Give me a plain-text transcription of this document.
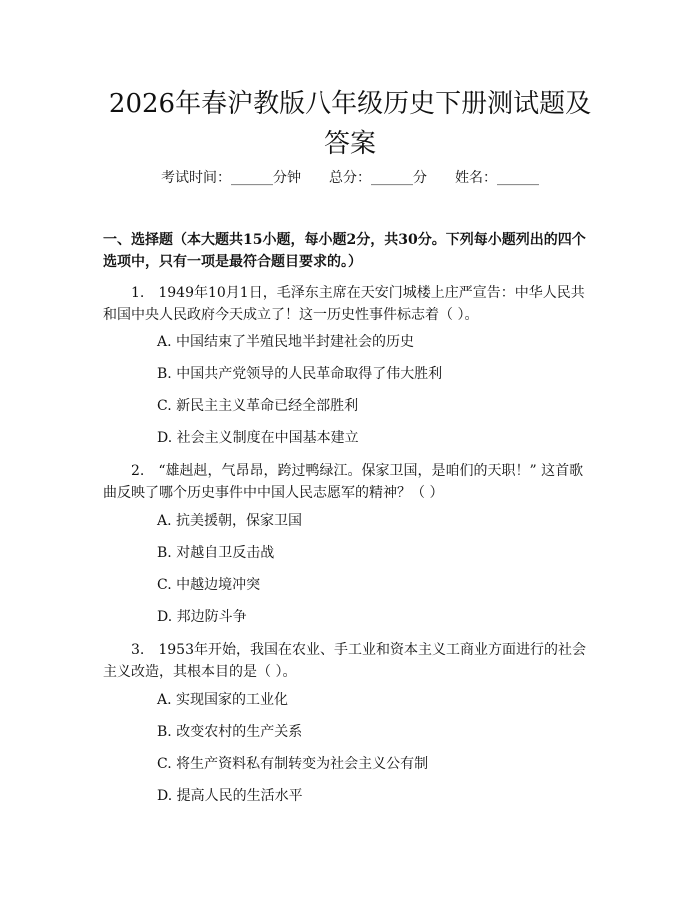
2026年春沪教版八年级历史下册测试题及答案
考试时间：______分钟 总分：______分 姓名：______

一、选择题（本大题共15小题，每小题2分，共30分。下列每小题列出的四个选项中，只有一项是最符合题目要求的。）

1.　1949年10月1日，毛泽东主席在天安门城楼上庄严宣告：中华人民共和国中央人民政府今天成立了！这一历史性事件标志着（ ）。

A. 中国结束了半殖民地半封建社会的历史

B. 中国共产党领导的人民革命取得了伟大胜利

C. 新民主主义革命已经全部胜利

D. 社会主义制度在中国基本建立

2.　“雄赳赳，气昂昂，跨过鸭绿江。保家卫国，是咱们的天职！” 这首歌曲反映了哪个历史事件中中国人民志愿军的精神？（ ）

A. 抗美援朝，保家卫国

B. 对越自卫反击战

C. 中越边境冲突

D. 邦边防斗争

3.　1953年开始，我国在农业、手工业和资本主义工商业方面进行的社会主义改造，其根本目的是（ ）。

A. 实现国家的工业化

B. 改变农村的生产关系

C. 将生产资料私有制转变为社会主义公有制

D. 提高人民的生活水平
